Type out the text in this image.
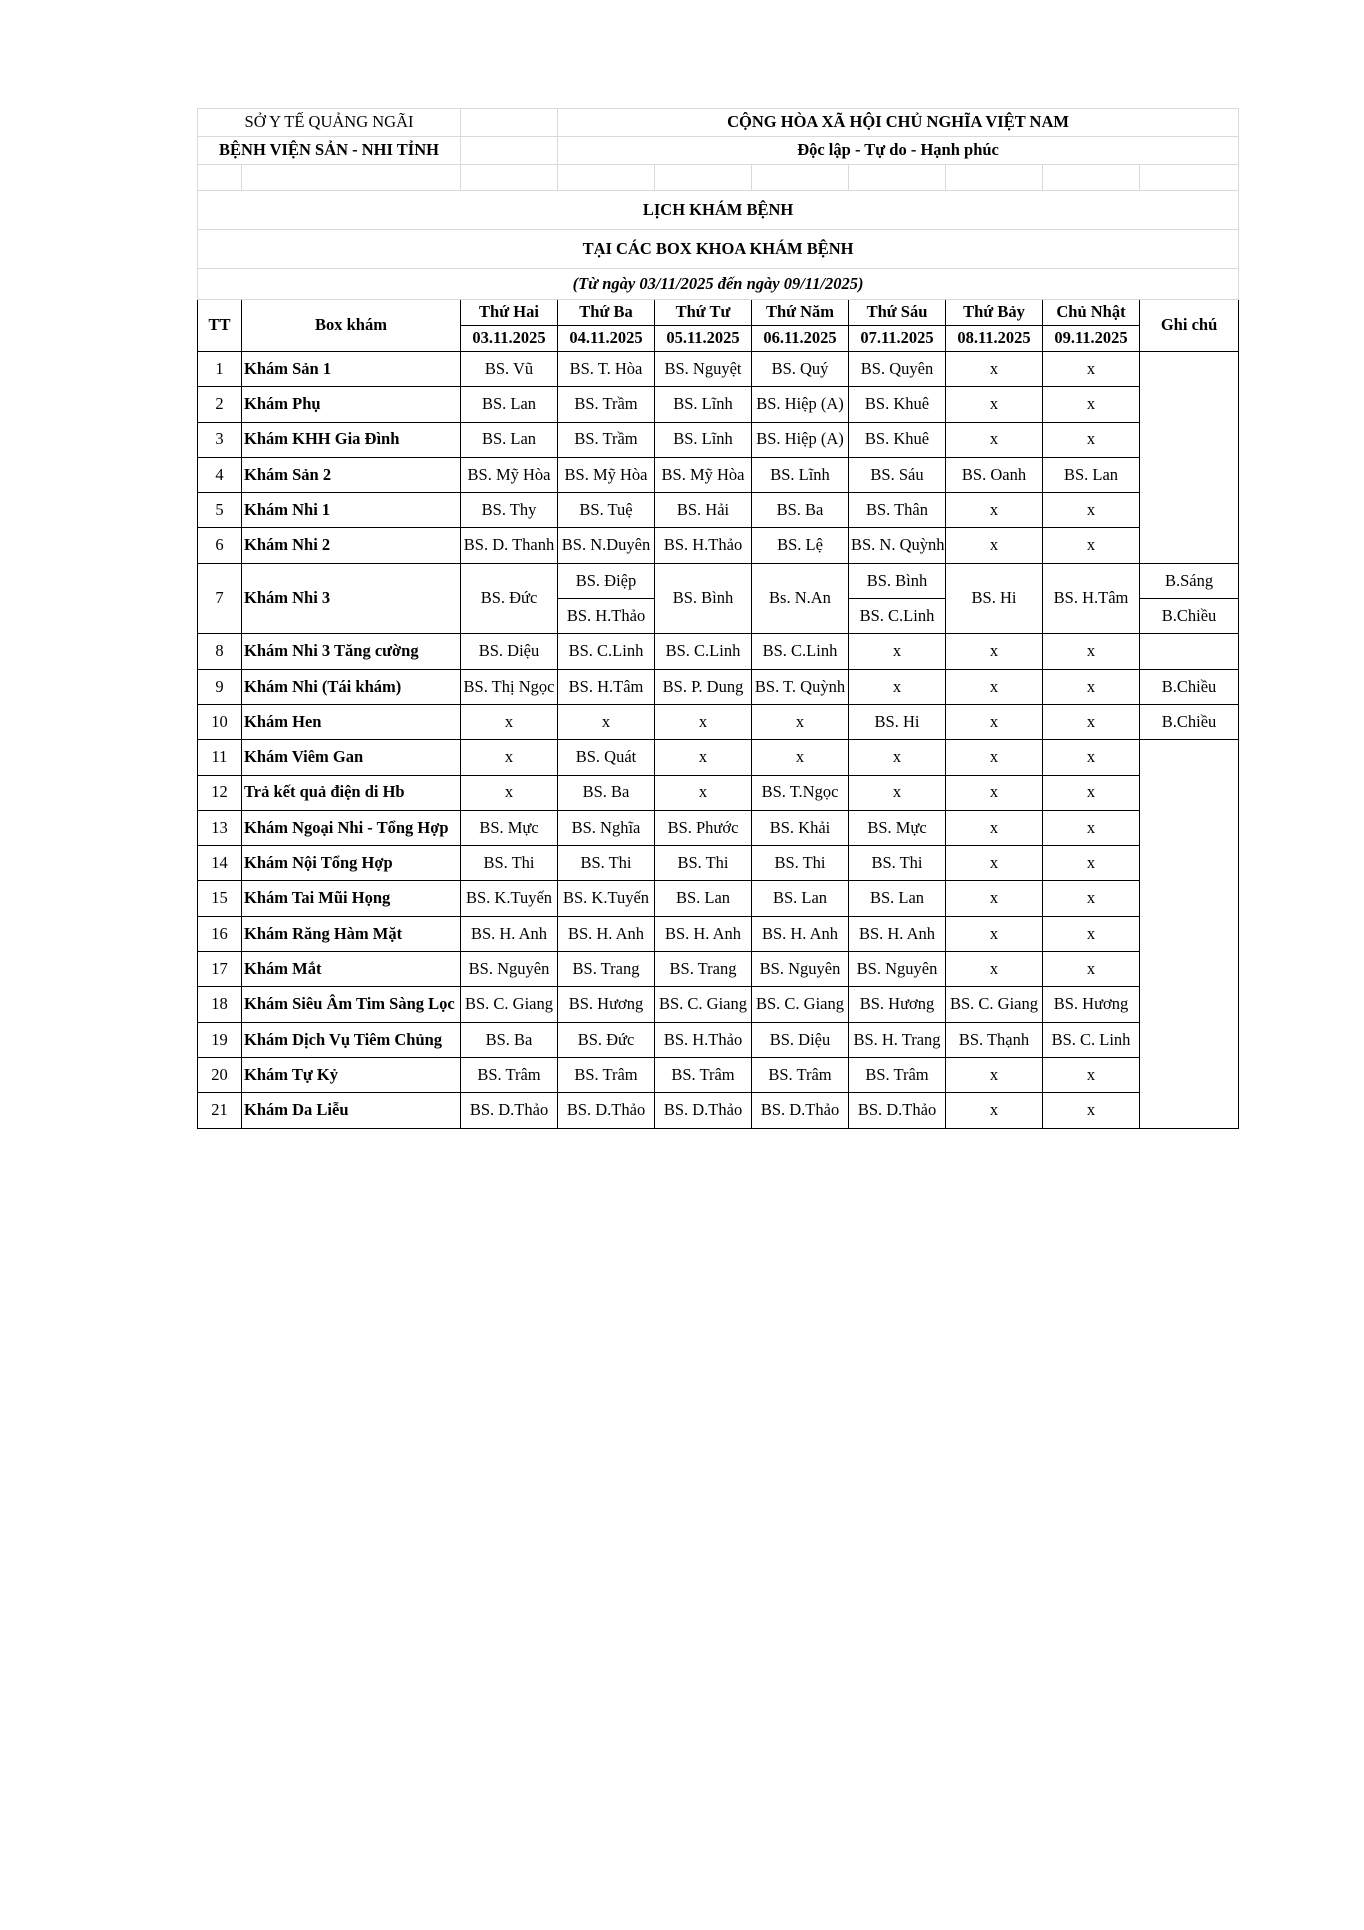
SỞ Y TẾ QUẢNG NGÃI			CỘNG HÒA XÃ HỘI CHỦ NGHĨA VIỆT NAM						
BỆNH VIỆN SẢN - NHI TỈNH			Độc lập - Tự do - Hạnh phúc						

LỊCH KHÁM BỆNH									
TẠI CÁC BOX KHOA KHÁM BỆNH									
(Từ ngày 03/11/2025 đến ngày 09/11/2025)									
TT	Box khám	Thứ Hai	Thứ Ba	Thứ Tư	Thứ Năm	Thứ Sáu	Thứ Bảy	Chủ Nhật	Ghi chú
		03.11.2025	04.11.2025	05.11.2025	06.11.2025	07.11.2025	08.11.2025	09.11.2025	
1	Khám Sản 1	BS. Vũ	BS. T. Hòa	BS. Nguyệt	BS. Quý	BS. Quyên	x	x	
2	Khám Phụ	BS. Lan	BS. Trầm	BS. Lĩnh	BS. Hiệp (A)	BS. Khuê	x	x	
3	Khám KHH Gia Đình	BS. Lan	BS. Trầm	BS. Lĩnh	BS. Hiệp (A)	BS. Khuê	x	x	
4	Khám Sản 2	BS. Mỹ Hòa	BS. Mỹ Hòa	BS. Mỹ Hòa	BS. Lĩnh	BS. Sáu	BS. Oanh	BS. Lan	
5	Khám Nhi 1	BS. Thy	BS. Tuệ	BS. Hải	BS. Ba	BS. Thân	x	x	
6	Khám Nhi 2	BS. D. Thanh	BS. N.Duyên	BS. H.Thảo	BS. Lệ	BS. N. Quỳnh	x	x	
7	Khám Nhi 3	BS. Đức	BS. Điệp	BS. Bình	Bs. N.An	BS. Bình	BS. Hi	BS. H.Tâm	B.Sáng
			BS. H.Thảo			BS. C.Linh			B.Chiều
8	Khám Nhi 3 Tăng cường	BS. Diệu	BS. C.Linh	BS. C.Linh	BS. C.Linh	x	x	x	
9	Khám Nhi (Tái khám)	BS. Thị Ngọc	BS. H.Tâm	BS. P. Dung	BS. T. Quỳnh	x	x	x	B.Chiều
10	Khám Hen	x	x	x	x	BS. Hi	x	x	B.Chiều
11	Khám Viêm Gan	x	BS. Quát	x	x	x	x	x	
12	Trả kết quả điện di Hb	x	BS. Ba	x	BS. T.Ngọc	x	x	x	
13	Khám Ngoại Nhi - Tổng Hợp	BS. Mực	BS. Nghĩa	BS. Phước	BS. Khải	BS. Mực	x	x	
14	Khám Nội Tổng Hợp	BS. Thi	BS. Thi	BS. Thi	BS. Thi	BS. Thi	x	x	
15	Khám Tai Mũi Họng	BS. K.Tuyến	BS. K.Tuyến	BS. Lan	BS. Lan	BS. Lan	x	x	
16	Khám Răng Hàm Mặt	BS. H. Anh	BS. H. Anh	BS. H. Anh	BS. H. Anh	BS. H. Anh	x	x	
17	Khám Mắt	BS. Nguyên	BS. Trang	BS. Trang	BS. Nguyên	BS. Nguyên	x	x	
18	Khám Siêu Âm Tim Sàng Lọc	BS. C. Giang	BS. Hương	BS. C. Giang	BS. C. Giang	BS. Hương	BS. C. Giang	BS. Hương	
19	Khám Dịch Vụ Tiêm Chủng	BS. Ba	BS. Đức	BS. H.Thảo	BS. Diệu	BS. H. Trang	BS. Thạnh	BS. C. Linh	
20	Khám Tự Kỷ	BS. Trâm	BS. Trâm	BS. Trâm	BS. Trâm	BS. Trâm	x	x	
21	Khám Da Liễu	BS. D.Thảo	BS. D.Thảo	BS. D.Thảo	BS. D.Thảo	BS. D.Thảo	x	x	
